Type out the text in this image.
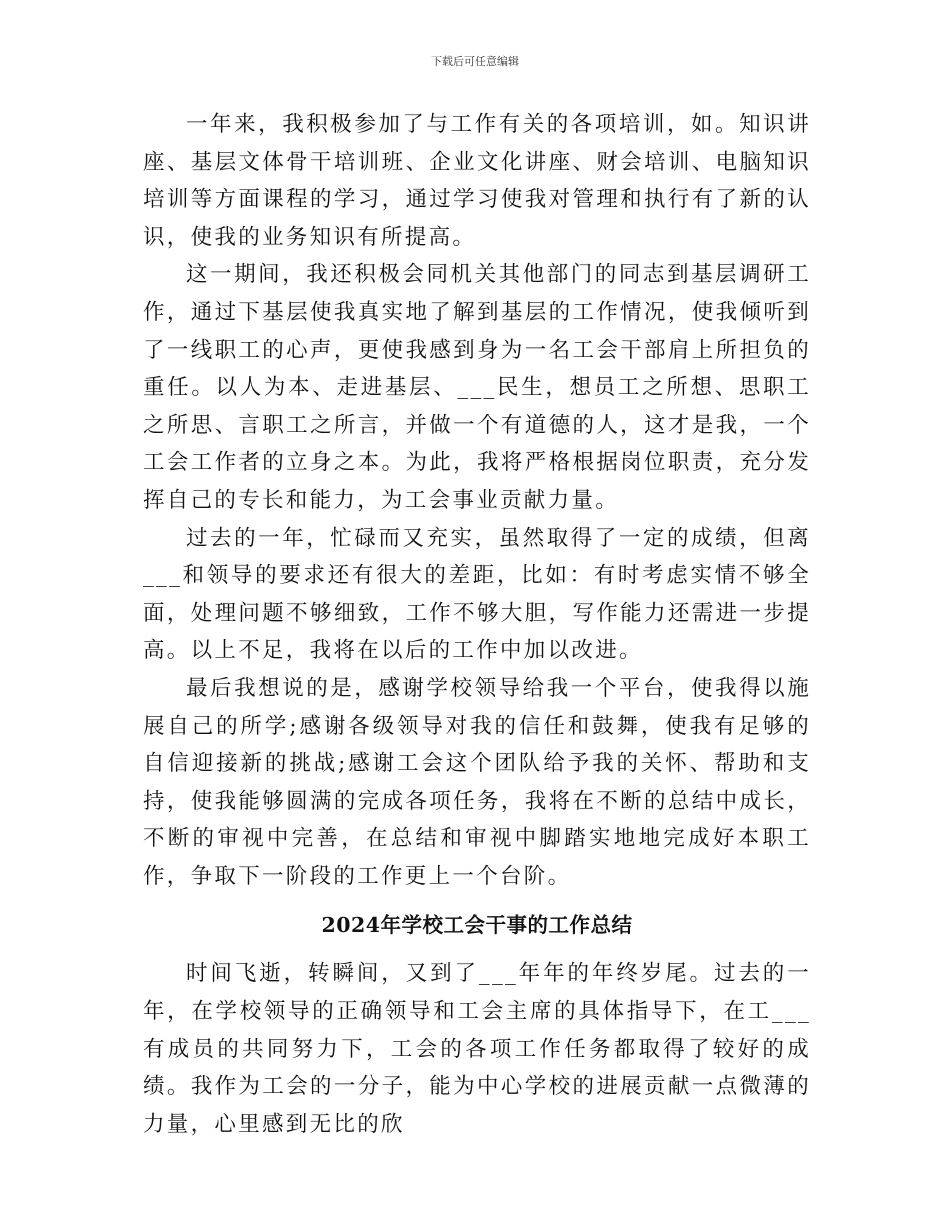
下载后可任意编辑

一年来，我积极参加了与工作有关的各项培训，如。知识讲座、基层文体骨干培训班、企业文化讲座、财会培训、电脑知识培训等方面课程的学习，通过学习使我对管理和执行有了新的认识，使我的业务知识有所提高。

这一期间，我还积极会同机关其他部门的同志到基层调研工作，通过下基层使我真实地了解到基层的工作情况，使我倾听到了一线职工的心声，更使我感到身为一名工会干部肩上所担负的重任。以人为本、走进基层、___民生，想员工之所想、思职工之所思、言职工之所言，并做一个有道德的人，这才是我，一个工会工作者的立身之本。为此，我将严格根据岗位职责，充分发挥自己的专长和能力，为工会事业贡献力量。

过去的一年，忙碌而又充实，虽然取得了一定的成绩，但离___和领导的要求还有很大的差距，比如：有时考虑实情不够全面，处理问题不够细致，工作不够大胆，写作能力还需进一步提高。以上不足，我将在以后的工作中加以改进。

最后我想说的是，感谢学校领导给我一个平台，使我得以施展自己的所学;感谢各级领导对我的信任和鼓舞，使我有足够的自信迎接新的挑战;感谢工会这个团队给予我的关怀、帮助和支持，使我能够圆满的完成各项任务，我将在不断的总结中成长，不断的审视中完善，在总结和审视中脚踏实地地完成好本职工作，争取下一阶段的工作更上一个台阶。

2024年学校工会干事的工作总结

时间飞逝，转瞬间，又到了___年年的年终岁尾。过去的一年，在学校领导的正确领导和工会主席的具体指导下，在工___有成员的共同努力下，工会的各项工作任务都取得了较好的成绩。我作为工会的一分子，能为中心学校的进展贡献一点微薄的力量，心里感到无比的欣
